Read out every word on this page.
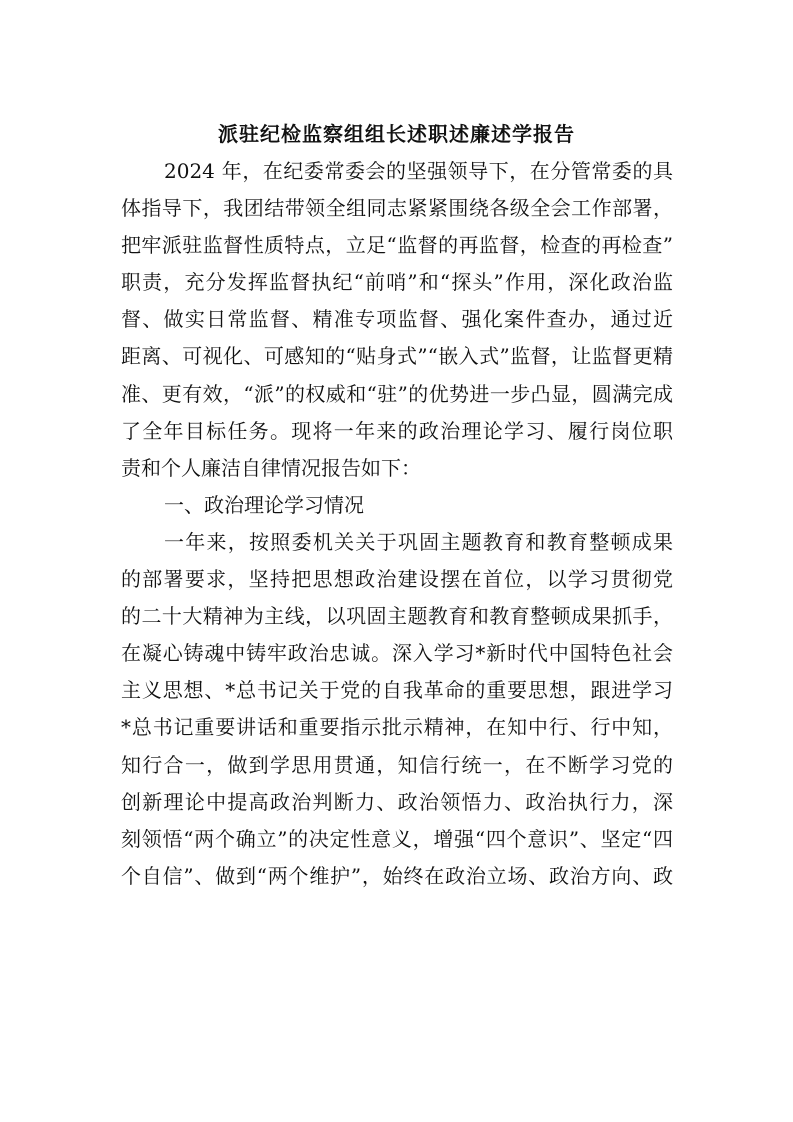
派驻纪检监察组组长述职述廉述学报告
2024 年，在纪委常委会的坚强领导下，在分管常委的具
体指导下，我团结带领全组同志紧紧围绕各级全会工作部署，
把牢派驻监督性质特点，立足“监督的再监督，检查的再检查”
职责，充分发挥监督执纪“前哨”和“探头”作用，深化政治监
督、做实日常监督、精准专项监督、强化案件查办，通过近
距离、可视化、可感知的“贴身式”“嵌入式”监督，让监督更精
准、更有效，“派”的权威和“驻”的优势进一步凸显，圆满完成
了全年目标任务。现将一年来的政治理论学习、履行岗位职
责和个人廉洁自律情况报告如下：
一、政治理论学习情况
一年来，按照委机关关于巩固主题教育和教育整顿成果
的部署要求，坚持把思想政治建设摆在首位，以学习贯彻党
的二十大精神为主线，以巩固主题教育和教育整顿成果抓手，
在凝心铸魂中铸牢政治忠诚。深入学习*新时代中国特色社会
主义思想、*总书记关于党的自我革命的重要思想，跟进学习
*总书记重要讲话和重要指示批示精神，在知中行、行中知，
知行合一，做到学思用贯通，知信行统一，在不断学习党的
创新理论中提高政治判断力、政治领悟力、政治执行力，深
刻领悟“两个确立”的决定性意义，增强“四个意识”、坚定“四
个自信”、做到“两个维护”，始终在政治立场、政治方向、政
